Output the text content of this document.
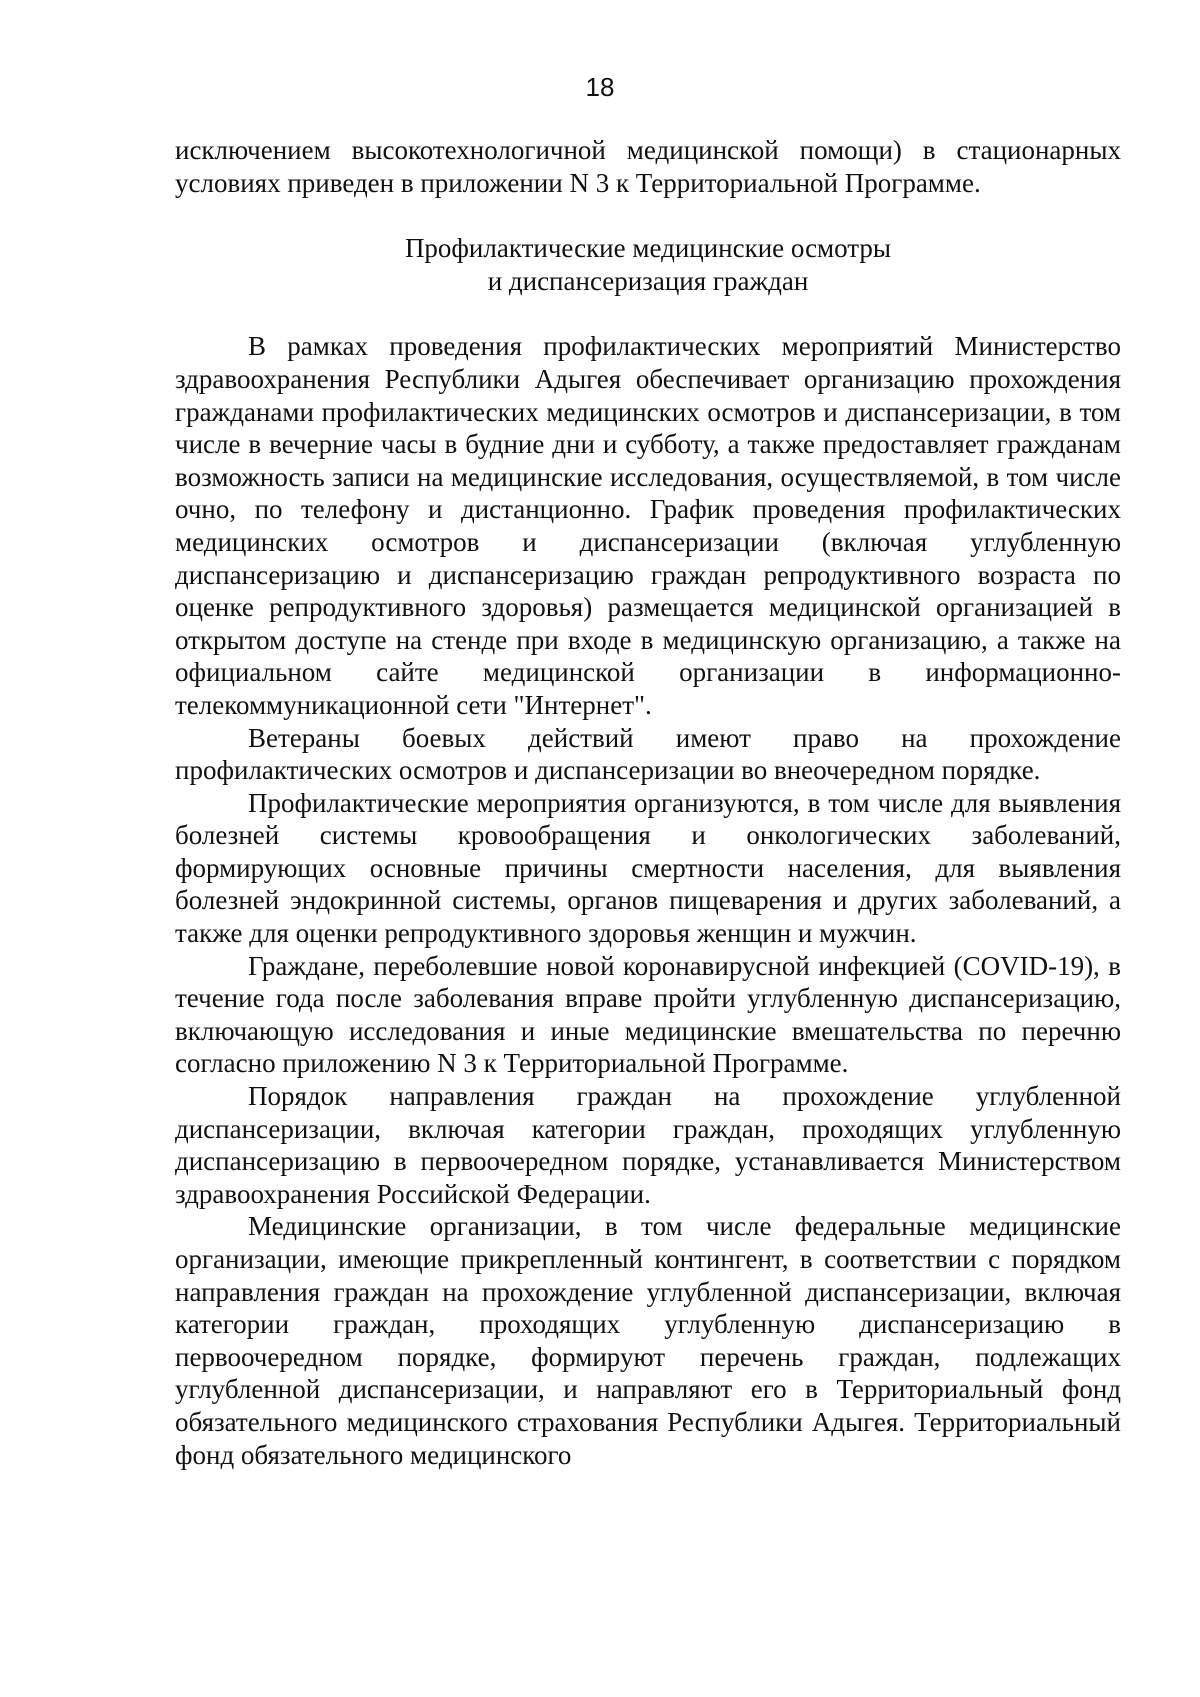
18

исключением высокотехнологичной медицинской помощи) в стационарных условиях приведен в приложении N 3 к Территориальной Программе.

Профилактические медицинские осмотры
и диспансеризация граждан

В рамках проведения профилактических мероприятий Министерство здравоохранения Республики Адыгея обеспечивает организацию прохождения гражданами профилактических медицинских осмотров и диспансеризации, в том числе в вечерние часы в будние дни и субботу, а также предоставляет гражданам возможность записи на медицинские исследования, осуществляемой, в том числе очно, по телефону и дистанционно. График проведения профилактических медицинских осмотров и диспансеризации (включая углубленную диспансеризацию и диспансеризацию граждан репродуктивного возраста по оценке репродуктивного здоровья) размещается медицинской организацией в открытом доступе на стенде при входе в медицинскую организацию, а также на официальном сайте медицинской организации в информационно-телекоммуникационной сети "Интернет".

Ветераны боевых действий имеют право на прохождение профилактических осмотров и диспансеризации во внеочередном порядке.

Профилактические мероприятия организуются, в том числе для выявления болезней системы кровообращения и онкологических заболеваний, формирующих основные причины смертности населения, для выявления болезней эндокринной системы, органов пищеварения и других заболеваний, а также для оценки репродуктивного здоровья женщин и мужчин.

Граждане, переболевшие новой коронавирусной инфекцией (COVID-19), в течение года после заболевания вправе пройти углубленную диспансеризацию, включающую исследования и иные медицинские вмешательства по перечню согласно приложению N 3 к Территориальной Программе.

Порядок направления граждан на прохождение углубленной диспансеризации, включая категории граждан, проходящих углубленную диспансеризацию в первоочередном порядке, устанавливается Министерством здравоохранения Российской Федерации.

Медицинские организации, в том числе федеральные медицинские организации, имеющие прикрепленный контингент, в соответствии с порядком направления граждан на прохождение углубленной диспансеризации, включая категории граждан, проходящих углубленную диспансеризацию в первоочередном порядке, формируют перечень граждан, подлежащих углубленной диспансеризации, и направляют его в Территориальный фонд обязательного медицинского страхования Республики Адыгея. Территориальный фонд обязательного медицинского
